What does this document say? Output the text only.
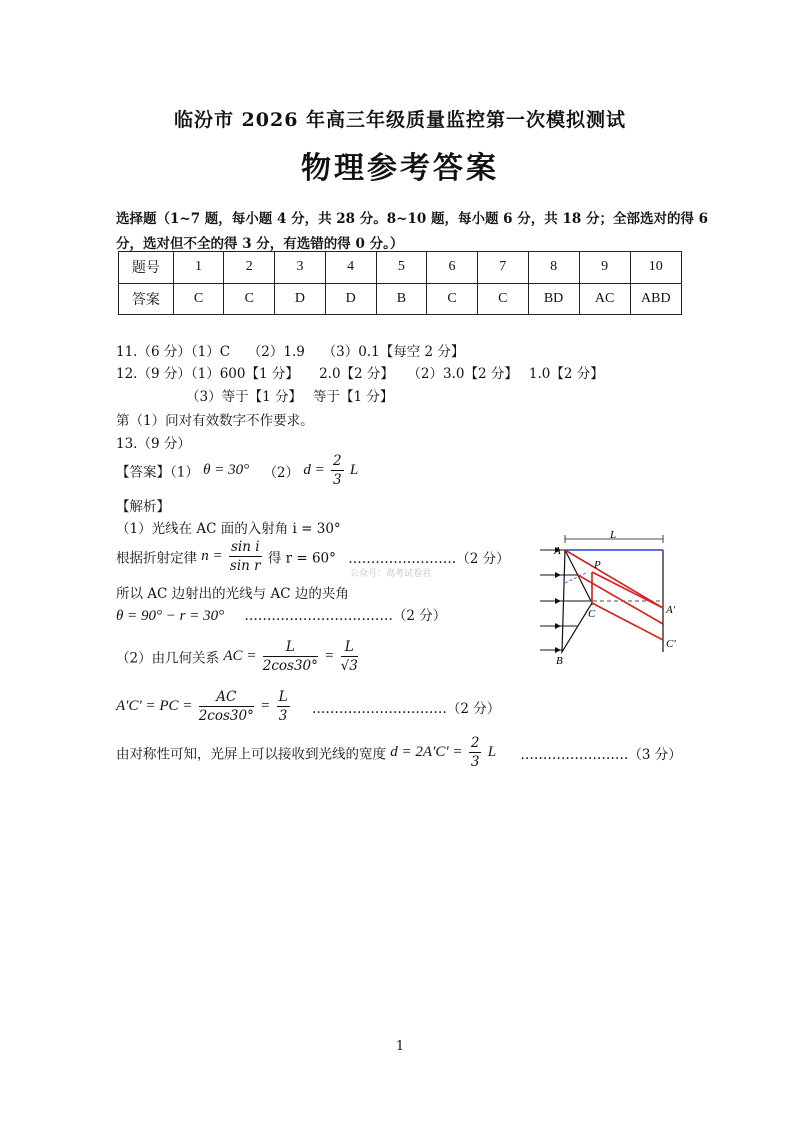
临汾市 2026 年高三年级质量监控第一次模拟测试
物理参考答案
选择题（1~7 题，每小题 4 分，共 28 分。8~10 题，每小题 6 分，共 18 分；全部选对的得 6
分，选对但不全的得 3 分，有选错的得 0 分。）
题号	1	2	3	4	5	6	7	8	9	10
答案	C	C	D	D	B	C	C	BD	AC	ABD
11.（6 分）（1）C　 （2）1.9　 （3）0.1【每空 2 分】
12.（9 分）（1）600【1 分】　　2.0【2 分】　　（2）3.0【2 分】　 1.0【2 分】
（3）等于【1 分】　 等于【1 分】
第（1）问对有效数字不作要求。
13.（9 分）
【答案】（1） θ = 30° （2） $d = \frac{2}{3}$ L
【解析】
（1）光线在 AC 面的入射角 i = 30°
根据折射定律 $n = \frac{\text{sin i}}{\text{sin r}}$ 得 r = 60° ……………………（2 分）
公众号：高考试卷君
所以 AC 边射出的光线与 AC 边的夹角
θ = 90° − r = 30° ……………………………（2 分）
（2）由几何关系 AC = $\frac{L}{2\cos 30^\circ} = \frac{L}{√3}$
A′C′ = PC = $\frac{AC}{2\cos 30^\circ} = \frac{L}{3}$ …………………………（2 分）
由对称性可知，光屏上可以接收到光线的宽度 $d = 2A'C' = \frac{2}{3}$ L ……………………（3 分）
A
L
P
C
B
A′
C′
1
